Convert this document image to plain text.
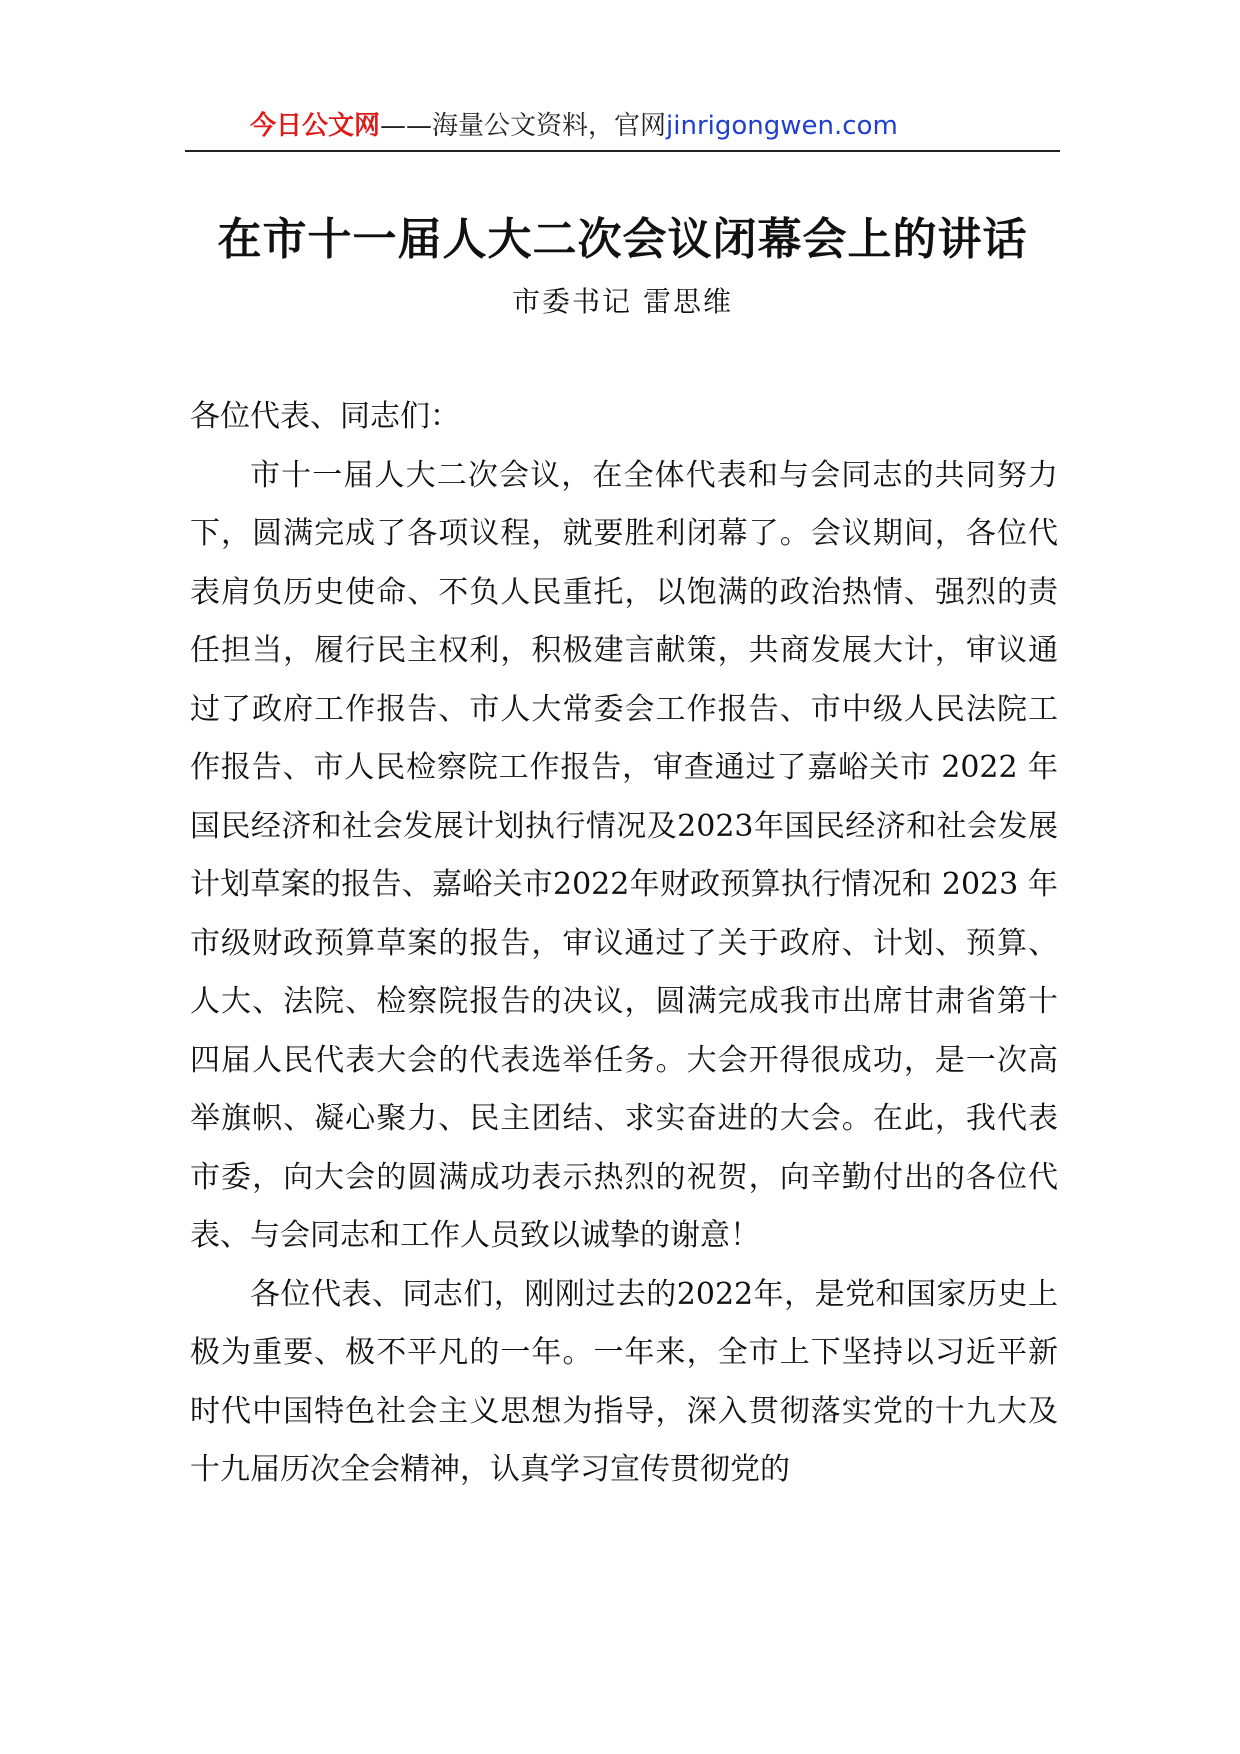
今日公文网——海量公文资料，官网jinrigongwen.com
在市十一届人大二次会议闭幕会上的讲话
市委书记 雷思维

各位代表、同志们：

市十一届人大二次会议，在全体代表和与会同志的共同努力下，圆满完成了各项议程，就要胜利闭幕了。会议期间，各位代表肩负历史使命、不负人民重托，以饱满的政治热情、强烈的责任担当，履行民主权利，积极建言献策，共商发展大计，审议通过了政府工作报告、市人大常委会工作报告、市中级人民法院工作报告、市人民检察院工作报告，审查通过了嘉峪关市 2022 年国民经济和社会发展计划执行情况及2023年国民经济和社会发展计划草案的报告、嘉峪关市2022年财政预算执行情况和 2023 年市级财政预算草案的报告，审议通过了关于政府、计划、预算、人大、法院、检察院报告的决议，圆满完成我市出席甘肃省第十四届人民代表大会的代表选举任务。大会开得很成功，是一次高举旗帜、凝心聚力、民主团结、求实奋进的大会。在此，我代表市委，向大会的圆满成功表示热烈的祝贺，向辛勤付出的各位代表、与会同志和工作人员致以诚挚的谢意！

各位代表、同志们，刚刚过去的2022年，是党和国家历史上极为重要、极不平凡的一年。一年来，全市上下坚持以习近平新时代中国特色社会主义思想为指导，深入贯彻落实党的十九大及十九届历次全会精神，认真学习宣传贯彻党的
